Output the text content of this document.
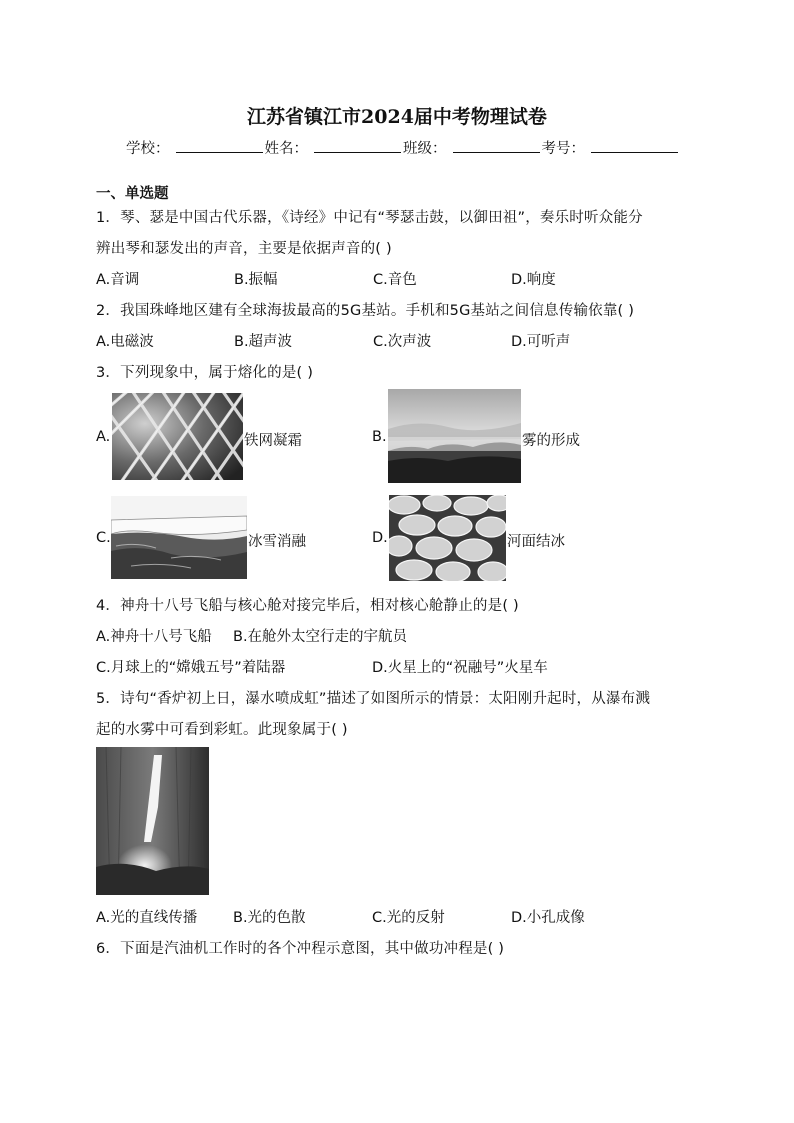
江苏省镇江市2024届中考物理试卷
学校：	姓名：	班级：	考号：
一、单选题
1．琴、瑟是中国古代乐器，《诗经》中记有“琴瑟击鼓，以御田祖”，奏乐时听众能分
辨出琴和瑟发出的声音，主要是依据声音的( )
A.音调	B.振幅	C.音色	D.响度
2．我国珠峰地区建有全球海拔最高的5G基站。手机和5G基站之间信息传输依靠( )
A.电磁波	B.超声波	C.次声波	D.可听声
3．下列现象中，属于熔化的是( )
A.	铁网凝霜	B.	雾的形成
C.	冰雪消融	D.	河面结冰
4．神舟十八号飞船与核心舱对接完毕后，相对核心舱静止的是( )
A.神舟十八号飞船 B.在舱外太空行走的宇航员
C.月球上的“嫦娥五号”着陆器	D.火星上的“祝融号”火星车
5．诗句“香炉初上日，瀑水喷成虹”描述了如图所示的情景：太阳刚升起时，从瀑布溅
起的水雾中可看到彩虹。此现象属于( )
A.光的直线传播 B.光的色散	C.光的反射	D.小孔成像
6．下面是汽油机工作时的各个冲程示意图，其中做功冲程是( )
